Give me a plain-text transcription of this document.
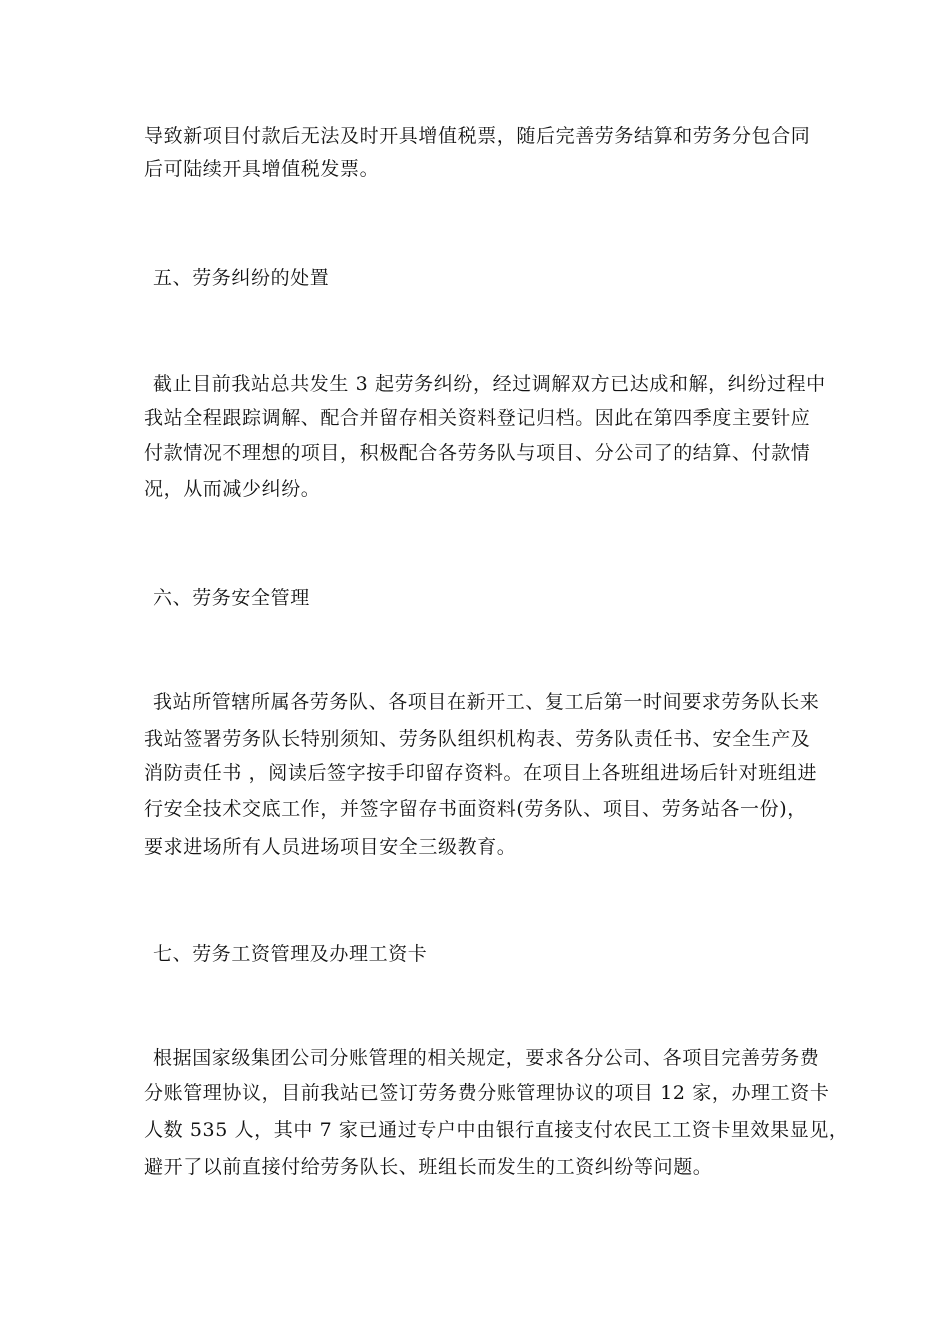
导致新项目付款后无法及时开具增值税票，随后完善劳务结算和劳务分包合同
后可陆续开具增值税发票。
五、劳务纠纷的处置
截止目前我站总共发生 3 起劳务纠纷，经过调解双方已达成和解，纠纷过程中
我站全程跟踪调解、配合并留存相关资料登记归档。因此在第四季度主要针应
付款情况不理想的项目，积极配合各劳务队与项目、分公司了的结算、付款情
况，从而减少纠纷。
六、劳务安全管理
我站所管辖所属各劳务队、各项目在新开工、复工后第一时间要求劳务队长来
我站签署劳务队长特别须知、劳务队组织机构表、劳务队责任书、安全生产及
消防责任书 ，阅读后签字按手印留存资料。在项目上各班组进场后针对班组进
行安全技术交底工作，并签字留存书面资料(劳务队、项目、劳务站各一份)，
要求进场所有人员进场项目安全三级教育。
七、劳务工资管理及办理工资卡
根据国家级集团公司分账管理的相关规定，要求各分公司、各项目完善劳务费
分账管理协议，目前我站已签订劳务费分账管理协议的项目 12 家，办理工资卡
人数 535 人，其中 7 家已通过专户中由银行直接支付农民工工资卡里效果显见，
避开了以前直接付给劳务队长、班组长而发生的工资纠纷等问题。
